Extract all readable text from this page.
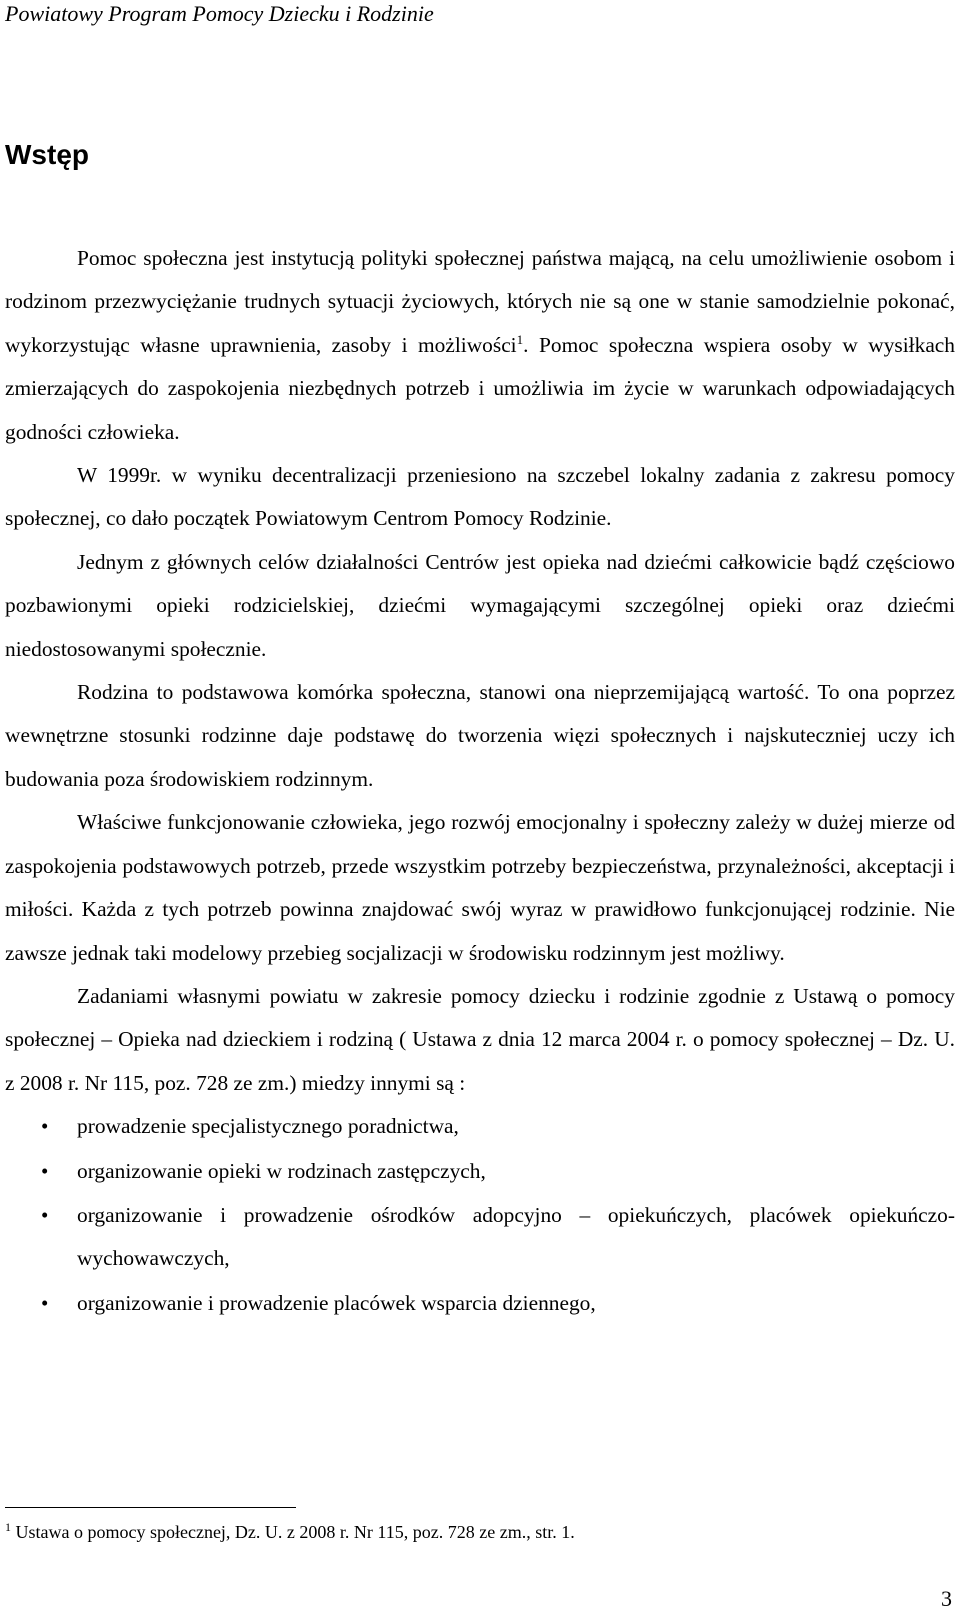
Powiatowy Program Pomocy Dziecku i Rodzinie
Wstęp

Pomoc społeczna jest instytucją polityki społecznej państwa mającą, na celu umożliwienie osobom i rodzinom przezwyciężanie trudnych sytuacji życiowych, których nie są one w stanie samodzielnie pokonać, wykorzystując własne uprawnienia, zasoby i możliwości$^1$. Pomoc społeczna wspiera osoby w wysiłkach zmierzających do zaspokojenia niezbędnych potrzeb i umożliwia im życie w warunkach odpowiadających godności człowieka.

W 1999r. w wyniku decentralizacji przeniesiono na szczebel lokalny zadania z zakresu pomocy społecznej, co dało początek Powiatowym Centrom Pomocy Rodzinie.

Jednym z głównych celów działalności Centrów jest opieka nad dziećmi całkowicie bądź częściowo pozbawionymi opieki rodzicielskiej, dziećmi wymagającymi szczególnej opieki oraz dziećmi niedostosowanymi społecznie.

Rodzina to podstawowa komórka społeczna, stanowi ona nieprzemijającą wartość. To ona poprzez wewnętrzne stosunki rodzinne daje podstawę do tworzenia więzi społecznych i najskuteczniej uczy ich budowania poza środowiskiem rodzinnym.

Właściwe funkcjonowanie człowieka, jego rozwój emocjonalny i społeczny zależy w dużej mierze od zaspokojenia podstawowych potrzeb, przede wszystkim potrzeby bezpieczeństwa, przynależności, akceptacji i miłości. Każda z tych potrzeb powinna znajdować swój wyraz w prawidłowo funkcjonującej rodzinie. Nie zawsze jednak taki modelowy przebieg socjalizacji w środowisku rodzinnym jest możliwy.

Zadaniami własnymi powiatu w zakresie pomocy dziecku i rodzinie zgodnie z Ustawą o pomocy społecznej – Opieka nad dzieckiem i rodziną ( Ustawa z dnia 12 marca 2004 r. o pomocy społecznej – Dz. U. z 2008 r. Nr 115, poz. 728 ze zm.) miedzy innymi są :

• prowadzenie specjalistycznego poradnictwa,
• organizowanie opieki w rodzinach zastępczych,
• organizowanie i prowadzenie ośrodków adopcyjno – opiekuńczych, placówek opiekuńczo-wychowawczych,
• organizowanie i prowadzenie placówek wsparcia dziennego,
$^1$ Ustawa o pomocy społecznej, Dz. U. z 2008 r. Nr 115, poz. 728 ze zm., str. 1.
3
